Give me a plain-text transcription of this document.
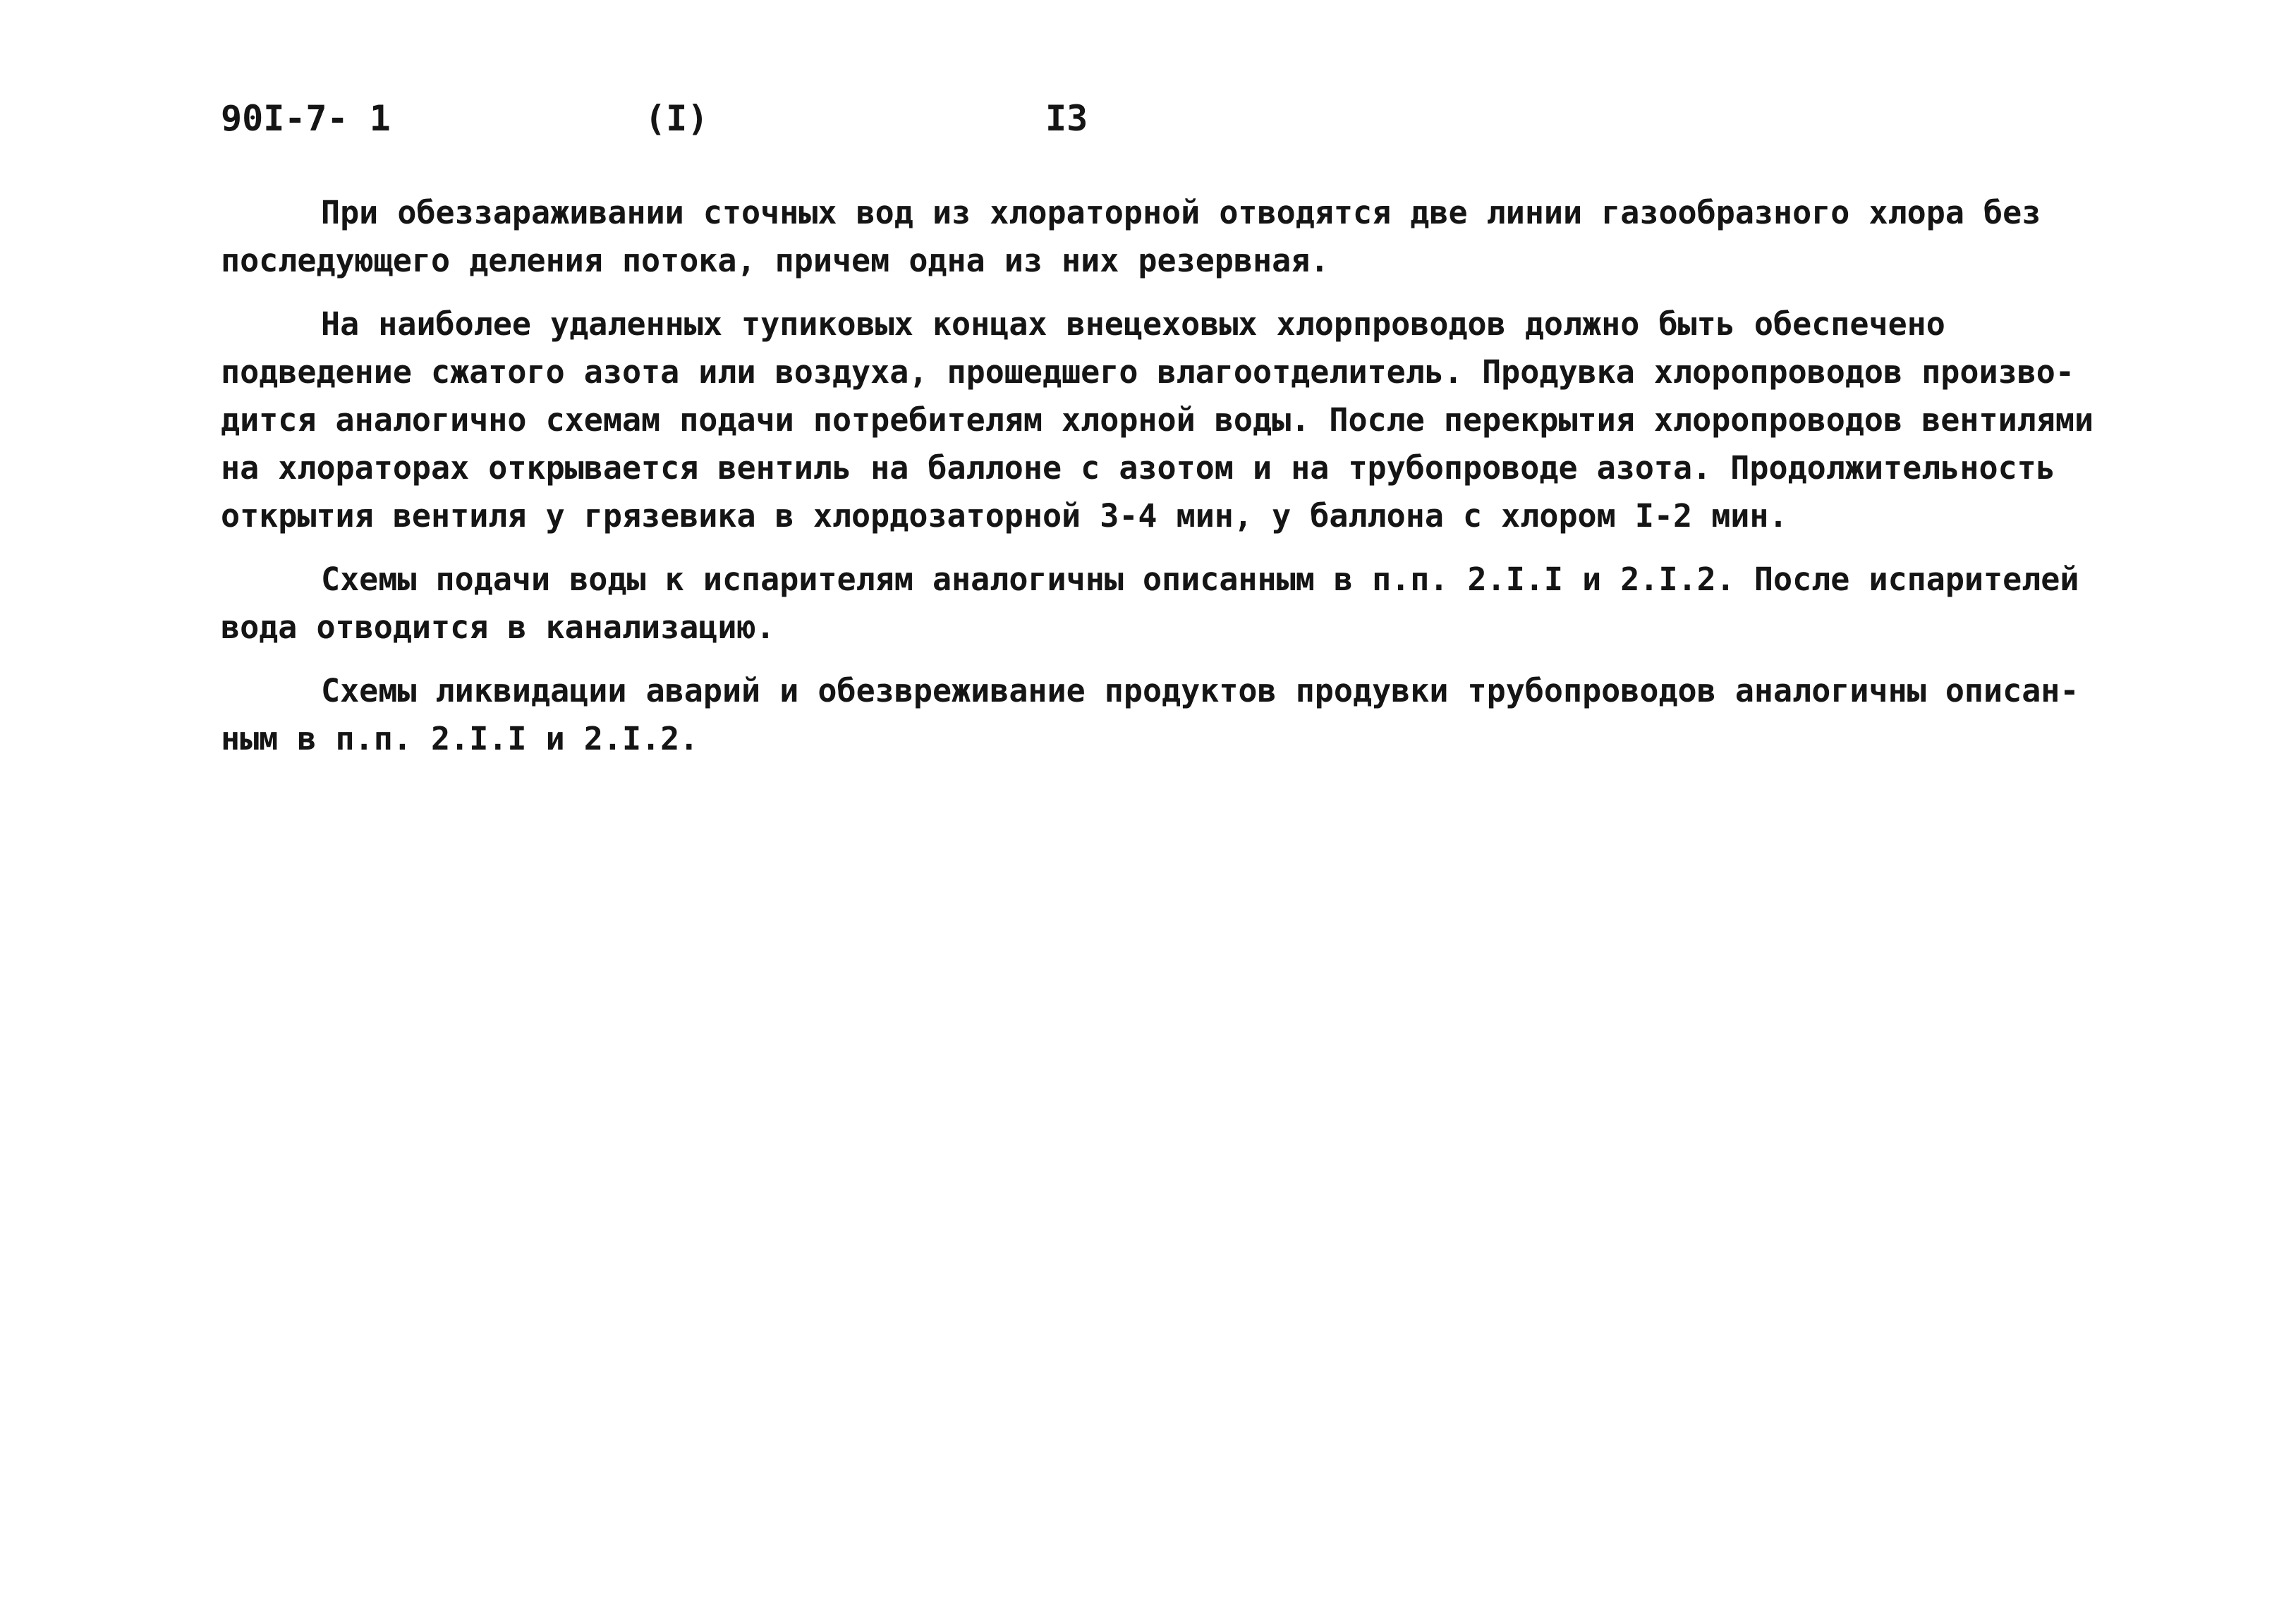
90I-7- 1	(I)	I3
При обеззараживании сточных вод из хлораторной отводятся две линии газообразного хлора без
последующего деления потока, причем одна из них резервная.
На наиболее удаленных тупиковых концах внецеховых хлорпроводов должно быть обеспечено
подведение сжатого азота или воздуха, прошедшего влагоотделитель. Продувка хлоропроводов произво-
дится аналогично схемам подачи потребителям хлорной воды. После перекрытия хлоропроводов вентилями
на хлораторах открывается вентиль на баллоне с азотом и на трубопроводе азота. Продолжительность
открытия вентиля у грязевика в хлордозаторной 3-4 мин, у баллона с хлором I-2 мин.
Схемы подачи воды к испарителям аналогичны описанным в п.п. 2.I.I и 2.I.2. После испарителей
вода отводится в канализацию.
Схемы ликвидации аварий и обезвреживание продуктов продувки трубопроводов аналогичны описан-
ным в п.п. 2.I.I и 2.I.2.
